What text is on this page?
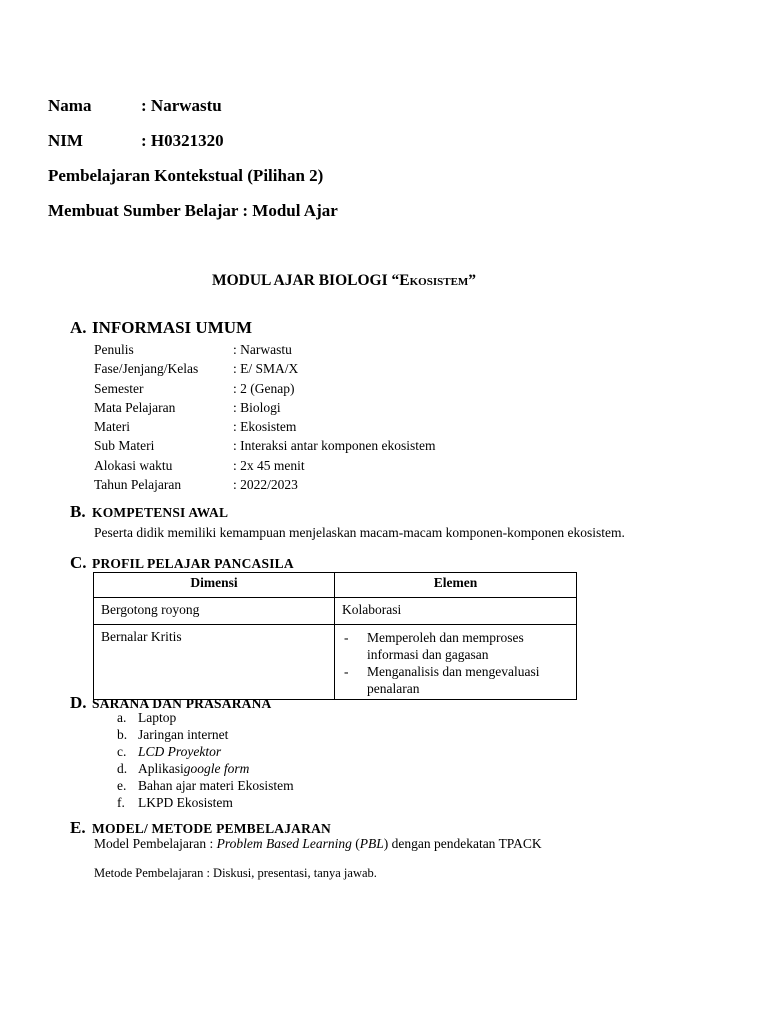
Nama	: Narwastu
NIM	: H0321320
Pembelajaran Kontekstual (Pilihan 2)
Membuat Sumber Belajar : Modul Ajar
MODUL AJAR BIOLOGI “Ekosistem”
A. INFORMASI UMUM
Penulis	: Narwastu
Fase/Jenjang/Kelas	: E/ SMA/X
Semester	: 2 (Genap)
Mata Pelajaran	: Biologi
Materi	: Ekosistem
Sub Materi	: Interaksi antar komponen ekosistem
Alokasi waktu	: 2x 45 menit
Tahun Pelajaran	: 2022/2023
B. KOMPETENSI AWAL
Peserta didik memiliki kemampuan menjelaskan macam-macam komponen-komponen ekosistem.
C. PROFIL PELAJAR PANCASILA
Dimensi	Elemen
Bergotong royong	Kolaborasi
Bernalar Kritis	- Memperoleh dan memproses informasi dan gagasan
- Menganalisis dan mengevaluasi penalaran
D. SARANA DAN PRASARANA
a. Laptop
b. Jaringan internet
c. LCD Proyektor
d. Aplikasi google form
e. Bahan ajar materi Ekosistem
f. LKPD Ekosistem
E. MODEL/ METODE PEMBELAJARAN
Model Pembelajaran : Problem Based Learning (PBL) dengan pendekatan TPACK
Metode Pembelajaran : Diskusi, presentasi, tanya jawab.
